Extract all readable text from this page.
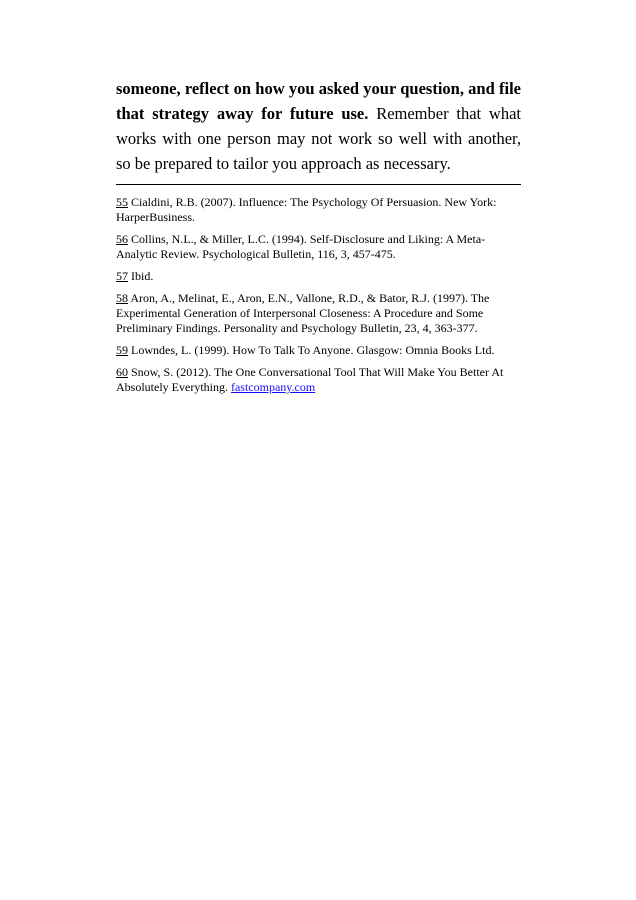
someone, reflect on how you asked your question, and file that strategy away for future use. Remember that what works with one person may not work so well with another, so be prepared to tailor you approach as necessary.

55 Cialdini, R.B. (2007). Influence: The Psychology Of Persuasion. New York: HarperBusiness.

56 Collins, N.L., & Miller, L.C. (1994). Self-Disclosure and Liking: A Meta-Analytic Review. Psychological Bulletin, 116, 3, 457-475.

57 Ibid.

58 Aron, A., Melinat, E., Aron, E.N., Vallone, R.D., & Bator, R.J. (1997). The Experimental Generation of Interpersonal Closeness: A Procedure and Some Preliminary Findings. Personality and Psychology Bulletin, 23, 4, 363-377.

59 Lowndes, L. (1999). How To Talk To Anyone. Glasgow: Omnia Books Ltd.

60 Snow, S. (2012). The One Conversational Tool That Will Make You Better At Absolutely Everything. fastcompany.com
